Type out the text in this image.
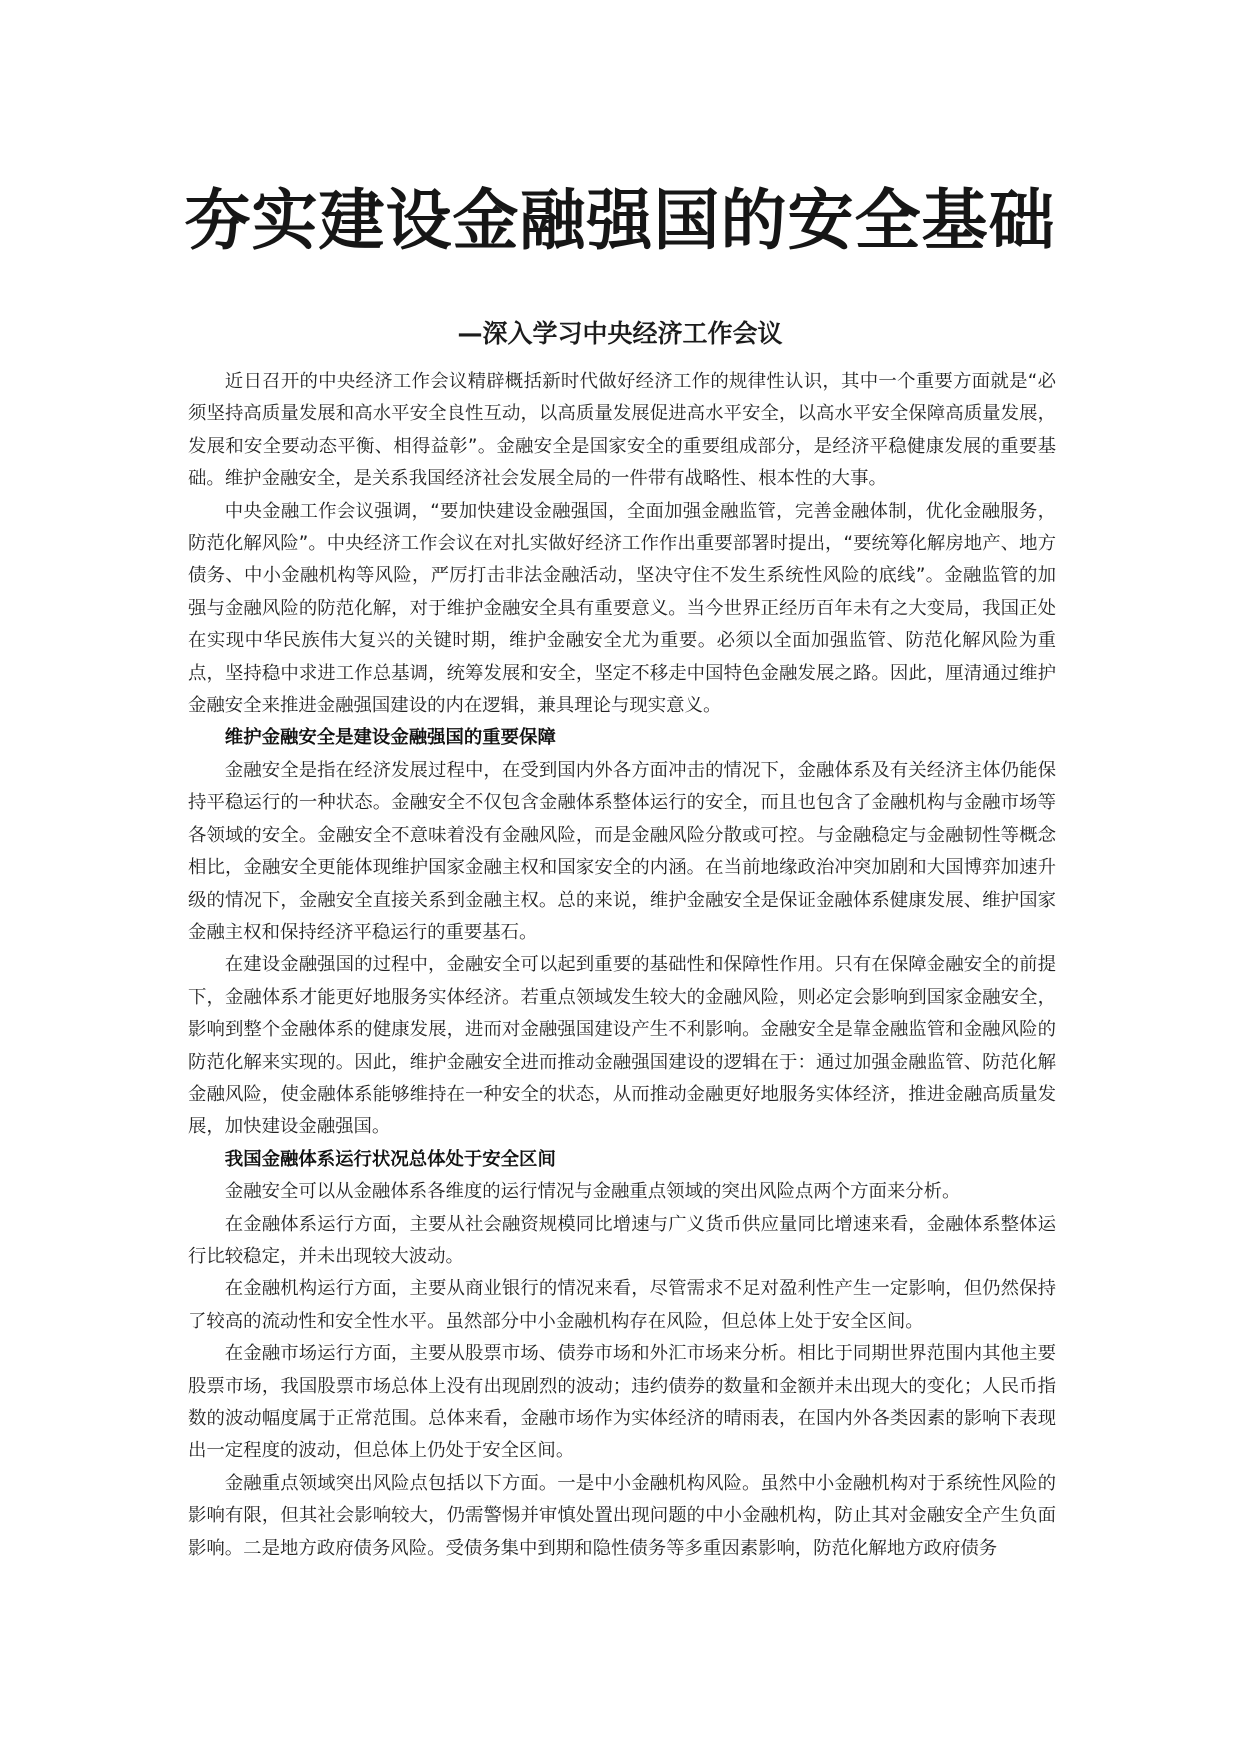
夯实建设金融强国的安全基础
—深入学习中央经济工作会议

近日召开的中央经济工作会议精辟概括新时代做好经济工作的规律性认识，其中一个重要方面就是“必须坚持高质量发展和高水平安全良性互动，以高质量发展促进高水平安全，以高水平安全保障高质量发展，发展和安全要动态平衡、相得益彰”。金融安全是国家安全的重要组成部分，是经济平稳健康发展的重要基础。维护金融安全，是关系我国经济社会发展全局的一件带有战略性、根本性的大事。

中央金融工作会议强调，“要加快建设金融强国，全面加强金融监管，完善金融体制，优化金融服务，防范化解风险”。中央经济工作会议在对扎实做好经济工作作出重要部署时提出，“要统筹化解房地产、地方债务、中小金融机构等风险，严厉打击非法金融活动，坚决守住不发生系统性风险的底线”。金融监管的加强与金融风险的防范化解，对于维护金融安全具有重要意义。当今世界正经历百年未有之大变局，我国正处在实现中华民族伟大复兴的关键时期，维护金融安全尤为重要。必须以全面加强监管、防范化解风险为重点，坚持稳中求进工作总基调，统筹发展和安全，坚定不移走中国特色金融发展之路。因此，厘清通过维护金融安全来推进金融强国建设的内在逻辑，兼具理论与现实意义。

维护金融安全是建设金融强国的重要保障

金融安全是指在经济发展过程中，在受到国内外各方面冲击的情况下，金融体系及有关经济主体仍能保持平稳运行的一种状态。金融安全不仅包含金融体系整体运行的安全，而且也包含了金融机构与金融市场等各领域的安全。金融安全不意味着没有金融风险，而是金融风险分散或可控。与金融稳定与金融韧性等概念相比，金融安全更能体现维护国家金融主权和国家安全的内涵。在当前地缘政治冲突加剧和大国博弈加速升级的情况下，金融安全直接关系到金融主权。总的来说，维护金融安全是保证金融体系健康发展、维护国家金融主权和保持经济平稳运行的重要基石。

在建设金融强国的过程中，金融安全可以起到重要的基础性和保障性作用。只有在保障金融安全的前提下，金融体系才能更好地服务实体经济。若重点领域发生较大的金融风险，则必定会影响到国家金融安全，影响到整个金融体系的健康发展，进而对金融强国建设产生不利影响。金融安全是靠金融监管和金融风险的防范化解来实现的。因此，维护金融安全进而推动金融强国建设的逻辑在于：通过加强金融监管、防范化解金融风险，使金融体系能够维持在一种安全的状态，从而推动金融更好地服务实体经济，推进金融高质量发展，加快建设金融强国。

我国金融体系运行状况总体处于安全区间

金融安全可以从金融体系各维度的运行情况与金融重点领域的突出风险点两个方面来分析。

在金融体系运行方面，主要从社会融资规模同比增速与广义货币供应量同比增速来看，金融体系整体运行比较稳定，并未出现较大波动。

在金融机构运行方面，主要从商业银行的情况来看，尽管需求不足对盈利性产生一定影响，但仍然保持了较高的流动性和安全性水平。虽然部分中小金融机构存在风险，但总体上处于安全区间。

在金融市场运行方面，主要从股票市场、债券市场和外汇市场来分析。相比于同期世界范围内其他主要股票市场，我国股票市场总体上没有出现剧烈的波动；违约债券的数量和金额并未出现大的变化；人民币指数的波动幅度属于正常范围。总体来看，金融市场作为实体经济的晴雨表，在国内外各类因素的影响下表现出一定程度的波动，但总体上仍处于安全区间。

金融重点领域突出风险点包括以下方面。一是中小金融机构风险。虽然中小金融机构对于系统性风险的影响有限，但其社会影响较大，仍需警惕并审慎处置出现问题的中小金融机构，防止其对金融安全产生负面影响。二是地方政府债务风险。受债务集中到期和隐性债务等多重因素影响，防范化解地方政府债务
